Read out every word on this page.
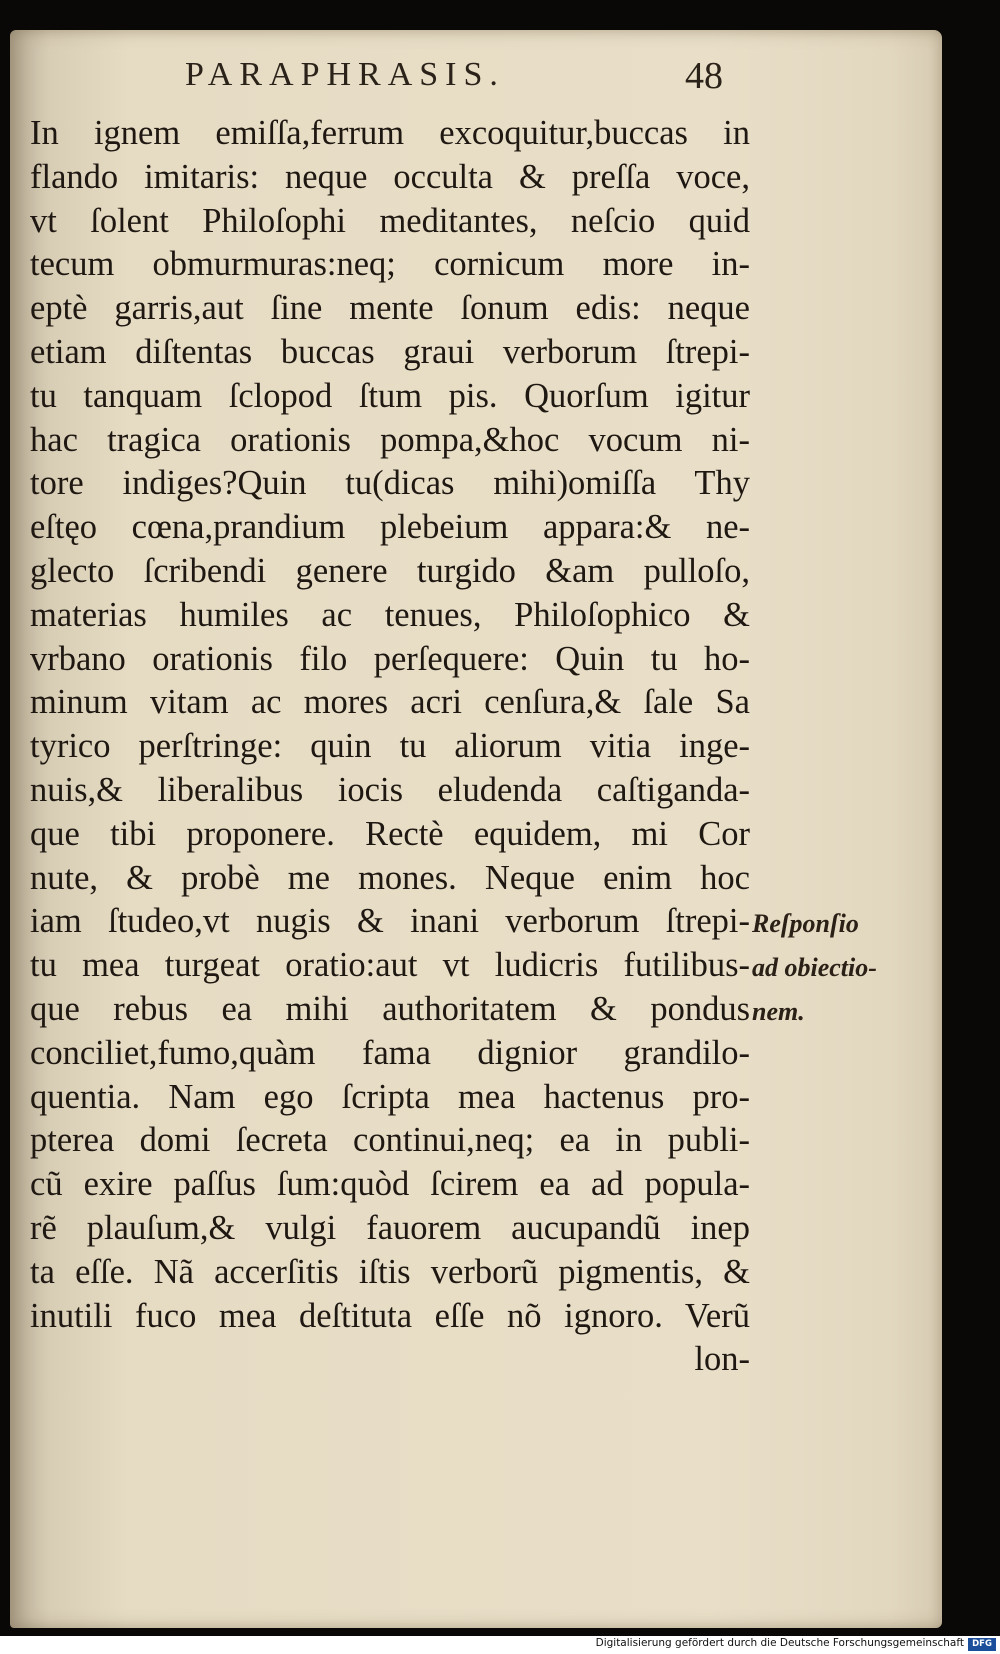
PARAPHRASIS.	48
In ignem emiſſa,ferrum excoquitur,buccas in
flando imitaris: neque occulta & preſſa voce,
vt ſolent Philoſophi meditantes, neſcio quid
tecum obmurmuras:neq; cornicum more in-
eptè garris,aut ſine mente ſonum edis: neque
etiam diſtentas buccas graui verborum ſtrepi-
tu tanquam ſclopod ſtum pis. Quorſum igitur
hac tragica orationis pompa,&hoc vocum ni-
tore indiges?Quin tu(dicas mihi)omiſſa Thy
eſtęo cœna,prandium plebeium appara:& ne-
glecto ſcribendi genere turgido &am pulloſo,
materias humiles ac tenues, Philoſophico &
vrbano orationis filo perſequere: Quin tu ho-
minum vitam ac mores acri cenſura,& ſale Sa
tyrico perſtringe: quin tu aliorum vitia inge-
nuis,& liberalibus iocis eludenda caſtiganda-
que tibi proponere. Rectè equidem, mi Cor
nute, & probè me mones. Neque enim hoc
iam ſtudeo,vt nugis & inani verborum ſtrepi-
tu mea turgeat oratio:aut vt ludicris futilibus-
que rebus ea mihi authoritatem & pondus
conciliet,fumo,quàm fama dignior grandilo-
quentia. Nam ego ſcripta mea hactenus pro-
pterea domi ſecreta continui,neq; ea in publi-
cũ exire paſſus ſum:quòd ſcirem ea ad popula-
rẽ plauſum,& vulgi fauorem aucupandũ inep
ta eſſe. Nã accerſitis iſtis verborũ pigmentis, &
inutili fuco mea deſtituta eſſe nõ ignoro. Verũ
lon-
Reſponſio
ad obiectio-
nem.
Digitalisierung gefördert durch die Deutsche Forschungsgemeinschaft DFG
